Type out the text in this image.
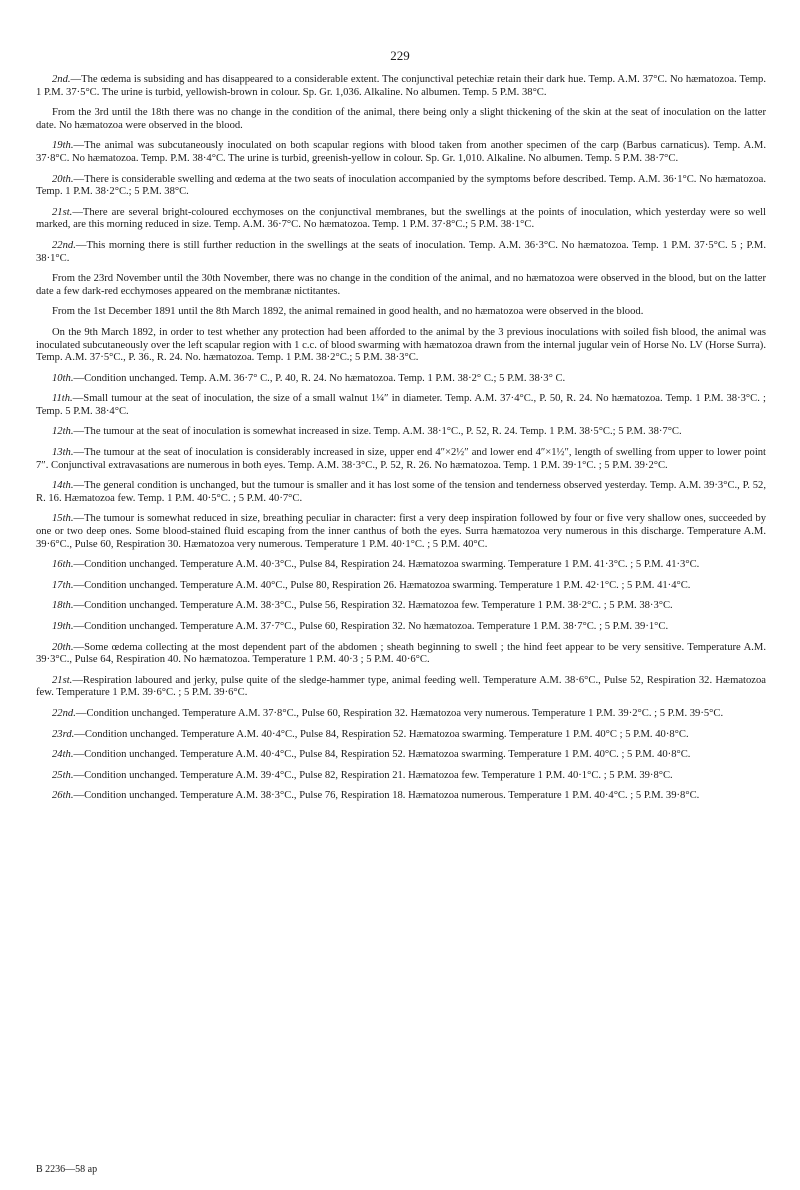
229

2nd.—The œdema is subsiding and has disappeared to a considerable extent. The conjunctival petechiæ retain their dark hue. Temp. A.M. 37°C. No hæmatozoa. Temp. 1 P.M. 37·5°C. The urine is turbid, yellowish-brown in colour. Sp. Gr. 1,036. Alkaline. No albumen. Temp. 5 P.M. 38°C.

From the 3rd until the 18th there was no change in the condition of the animal, there being only a slight thickening of the skin at the seat of inoculation on the latter date. No hæmatozoa were observed in the blood.

19th.—The animal was subcutaneously inoculated on both scapular regions with blood taken from another specimen of the carp (Barbus carnaticus). Temp. A.M. 37·8°C. No hæmatozoa. Temp. P.M. 38·4°C. The urine is turbid, greenish-yellow in colour. Sp. Gr. 1,010. Alkaline. No albumen. Temp. 5 P.M. 38·7°C.

20th.—There is considerable swelling and œdema at the two seats of inoculation accompanied by the symptoms before described. Temp. A.M. 36·1°C. No hæmatozoa. Temp. 1 P.M. 38·2°C.; 5 P.M. 38°C.

21st.—There are several bright-coloured ecchymoses on the conjunctival membranes, but the swellings at the points of inoculation, which yesterday were so well marked, are this morning reduced in size. Temp. A.M. 36·7°C. No hæmatozoa. Temp. 1 P.M. 37·8°C.; 5 P.M. 38·1°C.

22nd.—This morning there is still further reduction in the swellings at the seats of inoculation. Temp. A.M. 36·3°C. No hæmatozoa. Temp. 1 P.M. 37·5°C. 5 ; P.M. 38·1°C.

From the 23rd November until the 30th November, there was no change in the condition of the animal, and no hæmatozoa were observed in the blood, but on the latter date a few dark-red ecchymoses appeared on the membranæ nictitantes.

From the 1st December 1891 until the 8th March 1892, the animal remained in good health, and no hæmatozoa were observed in the blood.

On the 9th March 1892, in order to test whether any protection had been afforded to the animal by the 3 previous inoculations with soiled fish blood, the animal was inoculated subcutaneously over the left scapular region with 1 c.c. of blood swarming with hæmatozoa drawn from the internal jugular vein of Horse No. LV (Horse Surra). Temp. A.M. 37·5°C., P. 36., R. 24. No. hæmatozoa. Temp. 1 P.M. 38·2°C.; 5 P.M. 38·3°C.

10th.—Condition unchanged. Temp. A.M. 36·7° C., P. 40, R. 24. No hæmatozoa. Temp. 1 P.M. 38·2° C.; 5 P.M. 38·3° C.

11th.—Small tumour at the seat of inoculation, the size of a small walnut 1¼″ in diameter. Temp. A.M. 37·4°C., P. 50, R. 24. No hæmatozoa. Temp. 1 P.M. 38·3°C. ; Temp. 5 P.M. 38·4°C.

12th.—The tumour at the seat of inoculation is somewhat increased in size. Temp. A.M. 38·1°C., P. 52, R. 24. Temp. 1 P.M. 38·5°C.; 5 P.M. 38·7°C.

13th.—The tumour at the seat of inoculation is considerably increased in size, upper end 4″×2½″ and lower end 4″×1½″, length of swelling from upper to lower point 7″. Conjunctival extravasations are numerous in both eyes. Temp. A.M. 38·3°C., P. 52, R. 26. No hæmatozoa. Temp. 1 P.M. 39·1°C. ; 5 P.M. 39·2°C.

14th.—The general condition is unchanged, but the tumour is smaller and it has lost some of the tension and tenderness observed yesterday. Temp. A.M. 39·3°C., P. 52, R. 16. Hæmatozoa few. Temp. 1 P.M. 40·5°C. ; 5 P.M. 40·7°C.

15th.—The tumour is somewhat reduced in size, breathing peculiar in character: first a very deep inspiration followed by four or five very shallow ones, succeeded by one or two deep ones. Some blood-stained fluid escaping from the inner canthus of both the eyes. Surra hæmatozoa very numerous in this discharge. Temperature A.M. 39·6°C., Pulse 60, Respiration 30. Hæmatozoa very numerous. Temperature 1 P.M. 40·1°C. ; 5 P.M. 40°C.

16th.—Condition unchanged. Temperature A.M. 40·3°C., Pulse 84, Respiration 24. Hæmatozoa swarming. Temperature 1 P.M. 41·3°C. ; 5 P.M. 41·3°C.

17th.—Condition unchanged. Temperature A.M. 40°C., Pulse 80, Respiration 26. Hæmatozoa swarming. Temperature 1 P.M. 42·1°C. ; 5 P.M. 41·4°C.

18th.—Condition unchanged. Temperature A.M. 38·3°C., Pulse 56, Respiration 32. Hæmatozoa few. Temperature 1 P.M. 38·2°C. ; 5 P.M. 38·3°C.

19th.—Condition unchanged. Temperature A.M. 37·7°C., Pulse 60, Respiration 32. No hæmatozoa. Temperature 1 P.M. 38·7°C. ; 5 P.M. 39·1°C.

20th.—Some œdema collecting at the most dependent part of the abdomen ; sheath beginning to swell ; the hind feet appear to be very sensitive. Temperature A.M. 39·3°C., Pulse 64, Respiration 40. No hæmatozoa. Temperature 1 P.M. 40·3 ; 5 P.M. 40·6°C.

21st.—Respiration laboured and jerky, pulse quite of the sledge-hammer type, animal feeding well. Temperature A.M. 38·6°C., Pulse 52, Respiration 32. Hæmatozoa few. Temperature 1 P.M. 39·6°C. ; 5 P.M. 39·6°C.

22nd.—Condition unchanged. Temperature A.M. 37·8°C., Pulse 60, Respiration 32. Hæmatozoa very numerous. Temperature 1 P.M. 39·2°C. ; 5 P.M. 39·5°C.

23rd.—Condition unchanged. Temperature A.M. 40·4°C., Pulse 84, Respiration 52. Hæmatozoa swarming. Temperature 1 P.M. 40°C ; 5 P.M. 40·8°C.

24th.—Condition unchanged. Temperature A.M. 40·4°C., Pulse 84, Respiration 52. Hæmatozoa swarming. Temperature 1 P.M. 40°C. ; 5 P.M. 40·8°C.

25th.—Condition unchanged. Temperature A.M. 39·4°C., Pulse 82, Respiration 21. Hæmatozoa few. Temperature 1 P.M. 40·1°C. ; 5 P.M. 39·8°C.

26th.—Condition unchanged. Temperature A.M. 38·3°C., Pulse 76, Respiration 18. Hæmatozoa numerous. Temperature 1 P.M. 40·4°C. ; 5 P.M. 39·8°C.

B 2236—58 ap
